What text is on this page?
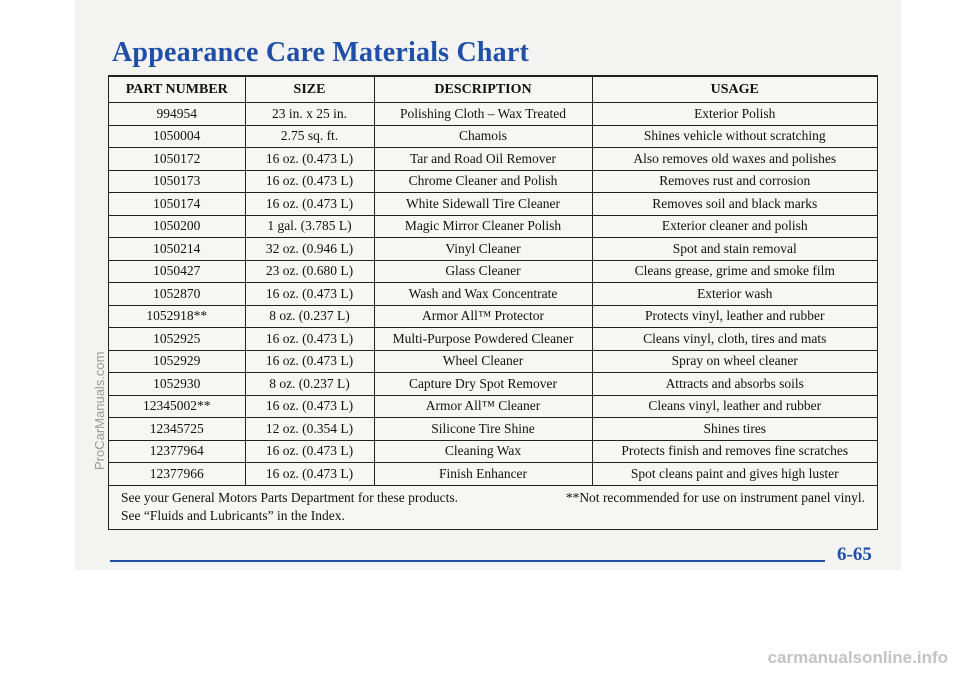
Appearance Care Materials Chart
PART NUMBER	SIZE	DESCRIPTION	USAGE
994954	23 in. x 25 in.	Polishing Cloth – Wax Treated	Exterior Polish
1050004	2.75 sq. ft.	Chamois	Shines vehicle without scratching
1050172	16 oz. (0.473 L)	Tar and Road Oil Remover	Also removes old waxes and polishes
1050173	16 oz. (0.473 L)	Chrome Cleaner and Polish	Removes rust and corrosion
1050174	16 oz. (0.473 L)	White Sidewall Tire Cleaner	Removes soil and black marks
1050200	1 gal. (3.785 L)	Magic Mirror Cleaner Polish	Exterior cleaner and polish
1050214	32 oz. (0.946 L)	Vinyl Cleaner	Spot and stain removal
1050427	23 oz. (0.680 L)	Glass Cleaner	Cleans grease, grime and smoke film
1052870	16 oz. (0.473 L)	Wash and Wax Concentrate	Exterior wash
1052918**	8 oz. (0.237 L)	Armor All™ Protector	Protects vinyl, leather and rubber
1052925	16 oz. (0.473 L)	Multi-Purpose Powdered Cleaner	Cleans vinyl, cloth, tires and mats
1052929	16 oz. (0.473 L)	Wheel Cleaner	Spray on wheel cleaner
1052930	8 oz. (0.237 L)	Capture Dry Spot Remover	Attracts and absorbs soils
12345002**	16 oz. (0.473 L)	Armor All™ Cleaner	Cleans vinyl, leather and rubber
12345725	12 oz. (0.354 L)	Silicone Tire Shine	Shines tires
12377964	16 oz. (0.473 L)	Cleaning Wax	Protects finish and removes fine scratches
12377966	16 oz. (0.473 L)	Finish Enhancer	Spot cleans paint and gives high luster
See your General Motors Parts Department for these products.	**Not recommended for use on instrument panel vinyl.
See “Fluids and Lubricants” in the Index.
6-65
ProCarManuals.com
carmanualsonline.info
